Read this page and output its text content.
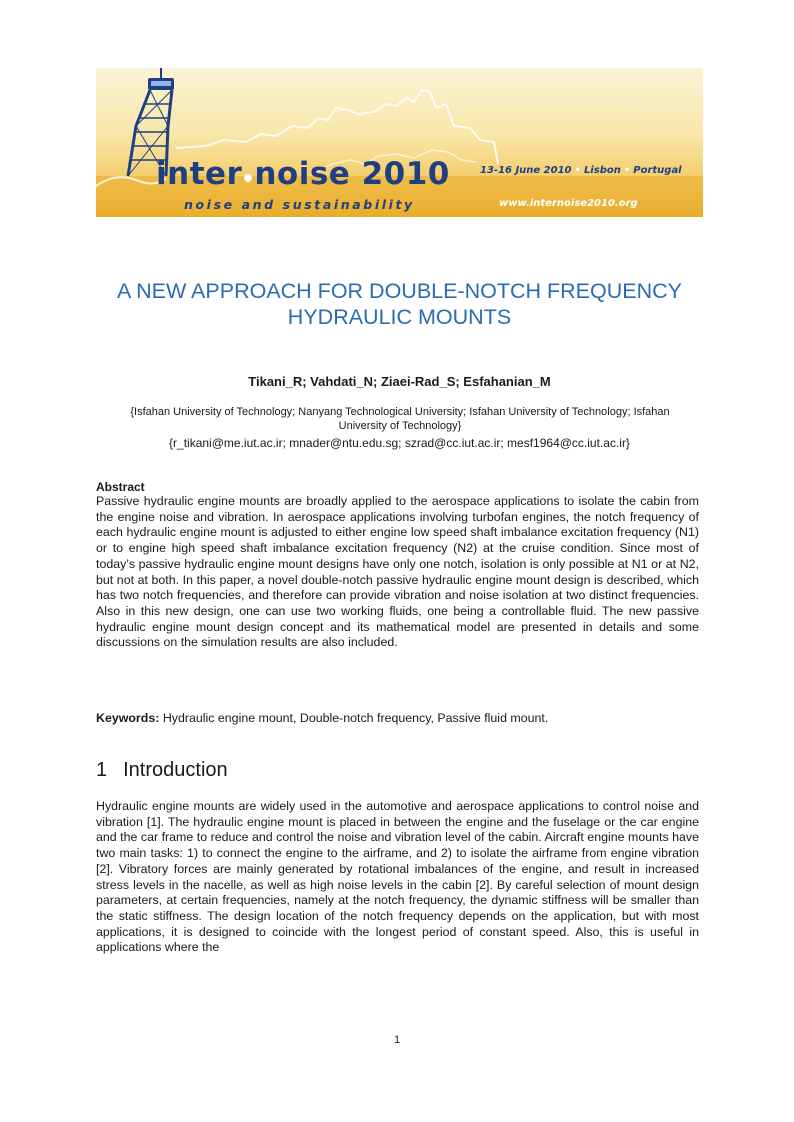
inter noise 2010
noise and sustainability
13-16 June 2010 • Lisbon • Portugal
www.internoise2010.org
A NEW APPROACH FOR DOUBLE-NOTCH FREQUENCY HYDRAULIC MOUNTS

Tikani_R; Vahdati_N; Ziaei-Rad_S; Esfahanian_M

{Isfahan University of Technology; Nanyang Technological University; Isfahan University of Technology; Isfahan University of Technology}

{r_tikani@me.iut.ac.ir; mnader@ntu.edu.sg; szrad@cc.iut.ac.ir; mesf1964@cc.iut.ac.ir}

Abstract

Passive hydraulic engine mounts are broadly applied to the aerospace applications to isolate the cabin from the engine noise and vibration. In aerospace applications involving turbofan engines, the notch frequency of each hydraulic engine mount is adjusted to either engine low speed shaft imbalance excitation frequency (N1) or to engine high speed shaft imbalance excitation frequency (N2) at the cruise condition. Since most of today’s passive hydraulic engine mount designs have only one notch, isolation is only possible at N1 or at N2, but not at both. In this paper, a novel double-notch passive hydraulic engine mount design is described, which has two notch frequencies, and therefore can provide vibration and noise isolation at two distinct frequencies. Also in this new design, one can use two working fluids, one being a controllable fluid. The new passive hydraulic engine mount design concept and its mathematical model are presented in details and some discussions on the simulation results are also included.

Keywords: Hydraulic engine mount, Double-notch frequency, Passive fluid mount.

1 Introduction

Hydraulic engine mounts are widely used in the automotive and aerospace applications to control noise and vibration [1]. The hydraulic engine mount is placed in between the engine and the fuselage or the car engine and the car frame to reduce and control the noise and vibration level of the cabin. Aircraft engine mounts have two main tasks: 1) to connect the engine to the airframe, and 2) to isolate the airframe from engine vibration [2]. Vibratory forces are mainly generated by rotational imbalances of the engine, and result in increased stress levels in the nacelle, as well as high noise levels in the cabin [2]. By careful selection of mount design parameters, at certain frequencies, namely at the notch frequency, the dynamic stiffness will be smaller than the static stiffness. The design location of the notch frequency depends on the application, but with most applications, it is designed to coincide with the longest period of constant speed. Also, this is useful in applications where the

1
